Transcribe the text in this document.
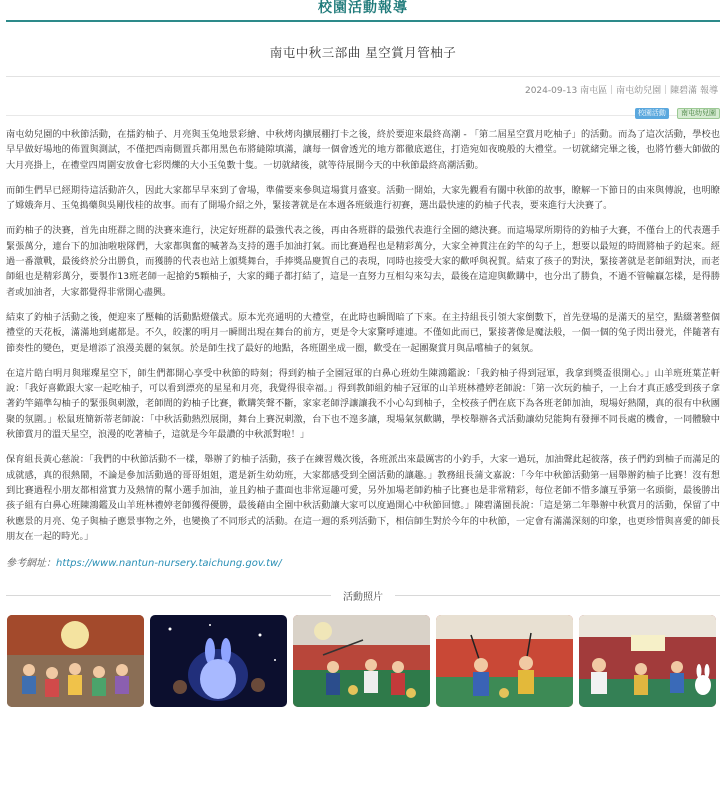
校園活動報導
南屯中秋三部曲 星空賞月管柚子
2024-09-13 南屯區｜南屯幼兒園｜陳碧滿 報導
校園活動 南屯幼兒園

南屯幼兒園的中秋節活動，在擂釣柚子、月亮與玉兔地景彩繪、中秋烤肉擴展棚打卡之後，終於要迎來最終高潮 - 「第二屆星空賞月吃柚子」的活動。而為了這次活動，學校也早早做好場地的佈置與測試，不僅把西南側置兵都用黑色布將縫隙填滿，讓每一個會透光的地方都徹底遮住，打造宛如夜晚般的大禮堂。一切就緒完畢之後，也將竹藝大師做的大月亮掛上，在禮堂四周圍安放會七彩閃爍的大小玉兔數十隻。一切就緒後，就等待展開今天的中秋節最終高潮活動。

而師生們早已經期待這活動許久，因此大家都早早來到了會場，準備要來參與這場賞月盛宴。活動一開始，大家先觀看有關中秋節的故事，瞭解一下節日的由來與傳說，也明瞭了嫦娥奔月、玉兔搗藥與吳剛伐桂的故事。而有了開場介紹之外，緊接著就是在本週各班級進行初賽，選出最快速的釣柚子代表，要來進行大決賽了。

而釣柚子的決賽，首先由班群之間的決賽來進行，決定好班群的最強代表之後，再由各班群的最強代表進行全園的總決賽。而這場眾所期待的釣柚子大賽，不僅台上的代表選手緊張萬分，連台下的加油啦啦隊們，大家都與奮的喊著為支持的選手加油打氣。而比賽過程也是精彩萬分，大家全神貫注在釣竿的勾子上，想要以最短的時間將柚子釣起來。經過一番激戰，最後終於分出勝負，而獲勝的代表也站上頒獎舞台，手捧獎品慶賀自己的表現，同時也接受大家的歡呼與祝賀。結束了孩子的對決，緊接著就是老師組對決，而老師組也是精彩萬分，要製作13班老師一起搶釣5顆柚子，大家的繩子都打結了，這是一直努力互相勾來勾去，最後在這迎與歡購中，也分出了勝負，不過不管輸贏怎樣，是得勝者或加油者，大家都覺得非常開心盡興。

結束了釣柚子活動之後，便迎來了壓軸的活動點燈儀式。原本光亮通明的大禮堂，在此時也瞬間暗了下來。在主持組長引領大家倒數下，首先登場的是滿天的星空，點綴著整個禮堂的天花板，滿滿地到處都是。不久，皎潔的明月一瞬間出現在舞台的前方，更是令大家驚呼連連。不僅如此而已，緊接著像是魔法般，一個一個的兔子閃出發光，伴隨著有節奏性的變色，更是增添了浪漫美麗的氣氛。於是師生找了最好的地點，各班圍坐成一圈，歡受在一起團聚賞月與品嚐柚子的氣氛。

在這片皓白明月與璀璨星空下，師生們都開心享受中秋節的時刻；得到釣柚子全園冠軍的白鼻心班幼生陳鴻鑑說：「我釣柚子得到冠軍，我拿到獎盃很開心。」山羊班班葉芷軒說：「我好喜歡跟大家一起吃柚子，可以看到漂亮的星星和月亮，我覺得很幸福。」得到教師組釣柚子冠軍的山羊班林禮婷老師說：「第一次玩釣柚子，一上台才真正感受到孩子拿著釣竿錨準勾柚子的緊張與刺激，老師間的釣柚子比賽，歡購笑聲不斷，家家老師浮讓讓我不小心勾到柚子，全校孩子們在底下為各班老師加油，現場好熱鬧，真的很有中秋團聚的氛圍。」松鼠班簡新蒂老師說：「中秋活動熱烈展開，舞台上賽況刺激，台下也不遑多讓，現場氣氛歡購，學校舉辦各式活動讓幼兒能夠有發揮不同長處的機會，一同體驗中秋節賞月的溫天星空，浪漫的吃著柚子，這就是今年最讚的中秋派對啦！」

保育組長黃心慈說：「我們的中秋節活動不一樣，舉辦了釣柚子活動，孩子在練習幾次後，各班派出來最厲害的小釣手，大家一過玩，加油聲此起彼落，孩子們釣到柚子而滿足的成就感，真的很熱鬧，不論是參加活動過的哥哥姐姐，還是新生幼幼班，大家都感受到全園活動的讓趣。」教務組長蒲文嘉說：「今年中秋節活動第一屆舉辦釣柚子比賽！沒有想到比賽過程小朋友都相當實力及熱情的幫小選手加油，並且釣柚子畫面也非常逗趣可愛，另外加場老師釣柚子比賽也是非常精彩，每位老師不惜多讓互爭第一名頭銜，最後勝出孩子組有白鼻心班陳鴻鑑及山羊班林禮婷老師獲得優勝，最後藉由全園中秋活動讓大家可以度過開心中秋節回憶。」陳碧滿園長說：「這是第二年舉辦中秋賞月的活動，保留了中秋應景的月亮、兔子與柚子應景事物之外，也變換了不同形式的活動。在這一週的系列活動下，相信師生對於今年的中秋節，一定會有滿滿深刻的印象，也更珍惜與喜愛的師長朋友在一起的時光。」

參考網址：https://www.nantun-nursery.taichung.gov.tw/
活動照片
